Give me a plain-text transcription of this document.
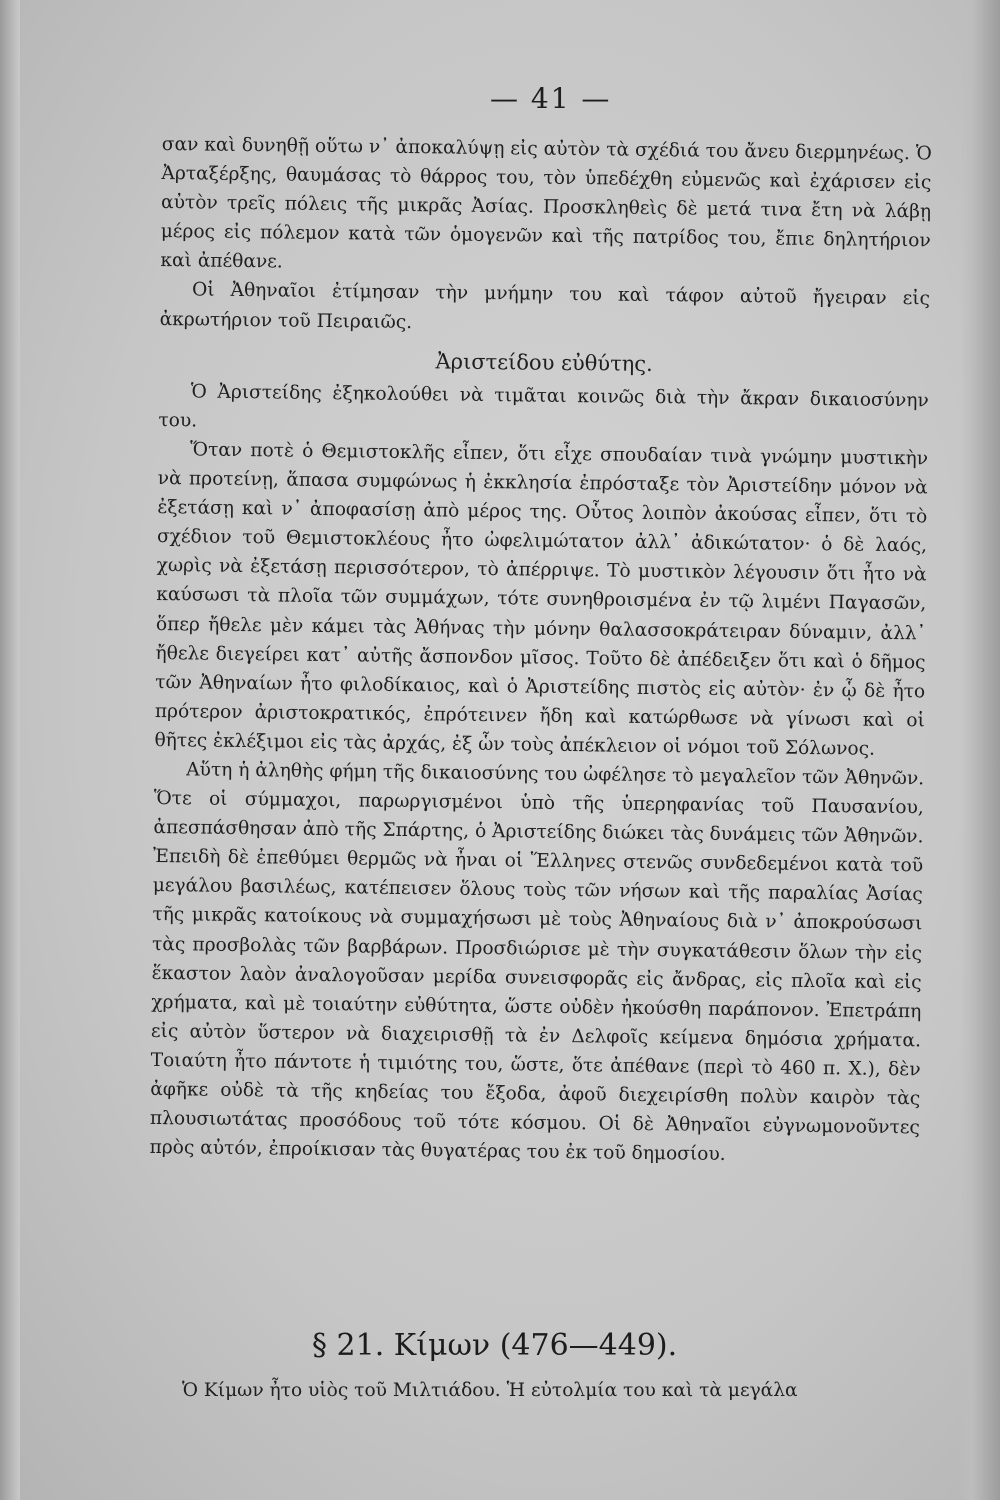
— 41 —

σαν καὶ δυνηθῇ οὕτω ν᾿ ἀποκαλύψῃ εἰς αὐτὸν τὰ σχέδιά του ἄνευ διερμηνέως. Ὁ Ἀρταξέρξης, θαυμάσας τὸ θάρρος του, τὸν ὑπεδέχθη εὐμενῶς καὶ ἐχάρισεν εἰς αὐτὸν τρεῖς πόλεις τῆς μικρᾶς Ἀσίας. Προσκληθεὶς δὲ μετά τινα ἔτη νὰ λάβῃ μέρος εἰς πόλεμον κατὰ τῶν ὁμογενῶν καὶ τῆς πατρίδος του, ἔπιε δηλητήριον καὶ ἀπέθανε.

Οἱ Ἀθηναῖοι ἐτίμησαν τὴν μνήμην του καὶ τάφον αὐτοῦ ἤγειραν εἰς ἀκρωτήριον τοῦ Πειραιῶς.

Ἀριστείδου εὐθύτης.

Ὁ Ἀριστείδης ἐξηκολούθει νὰ τιμᾶται κοινῶς διὰ τὴν ἄκραν δικαιοσύνην του.

Ὅταν ποτὲ ὁ Θεμιστοκλῆς εἶπεν, ὅτι εἶχε σπουδαίαν τινὰ γνώμην μυστικὴν νὰ προτείνῃ, ἅπασα συμφώνως ἡ ἐκκλησία ἐπρόσταξε τὸν Ἀριστείδην μόνον νὰ ἐξετάσῃ καὶ ν᾿ ἀποφασίσῃ ἀπὸ μέρος της. Οὗτος λοιπὸν ἀκούσας εἶπεν, ὅτι τὸ σχέδιον τοῦ Θεμιστοκλέους ἦτο ὠφελιμώτατον ἀλλ᾿ ἀδικώτατον· ὁ δὲ λαός, χωρὶς νὰ ἐξετάσῃ περισσότερον, τὸ ἀπέρριψε. Τὸ μυστικὸν λέγουσιν ὅτι ἦτο νὰ καύσωσι τὰ πλοῖα τῶν συμμάχων, τότε συνηθροισμένα ἐν τῷ λιμένι Παγασῶν, ὅπερ ἤθελε μὲν κάμει τὰς Ἀθήνας τὴν μόνην θαλασσοκράτειραν δύναμιν, ἀλλ᾿ ἤθελε διεγείρει κατ᾿ αὐτῆς ἄσπονδον μῖσος. Τοῦτο δὲ ἀπέδειξεν ὅτι καὶ ὁ δῆμος τῶν Ἀθηναίων ἦτο φιλοδίκαιος, καὶ ὁ Ἀριστείδης πιστὸς εἰς αὐτὸν· ἐν ᾧ δὲ ἦτο πρότερον ἀριστοκρατικός, ἐπρότεινεν ἤδη καὶ κατώρθωσε νὰ γίνωσι καὶ οἱ θῆτες ἐκλέξιμοι εἰς τὰς ἀρχάς, ἐξ ὧν τοὺς ἀπέκλειον οἱ νόμοι τοῦ Σόλωνος.

Αὕτη ἡ ἀληθὴς φήμη τῆς δικαιοσύνης του ὠφέλησε τὸ μεγαλεῖον τῶν Ἀθηνῶν. Ὅτε οἱ σύμμαχοι, παρωργισμένοι ὑπὸ τῆς ὑπερηφανίας τοῦ Παυσανίου, ἀπεσπάσθησαν ἀπὸ τῆς Σπάρτης, ὁ Ἀριστείδης διώκει τὰς δυνάμεις τῶν Ἀθηνῶν. Ἐπειδὴ δὲ ἐπεθύμει θερμῶς νὰ ἦναι οἱ Ἕλληνες στενῶς συνδεδεμένοι κατὰ τοῦ μεγάλου βασιλέως, κατέπεισεν ὅλους τοὺς τῶν νήσων καὶ τῆς παραλίας Ἀσίας τῆς μικρᾶς κατοίκους νὰ συμμαχήσωσι μὲ τοὺς Ἀθηναίους διὰ ν᾿ ἀποκρούσωσι τὰς προσβολὰς τῶν βαρβάρων. Προσδιώρισε μὲ τὴν συγκατάθεσιν ὅλων τὴν εἰς ἕκαστον λαὸν ἀναλογοῦσαν μερίδα συνεισφορᾶς εἰς ἄνδρας, εἰς πλοῖα καὶ εἰς χρήματα, καὶ μὲ τοιαύτην εὐθύτητα, ὥστε οὐδὲν ἠκούσθη παράπονον. Ἐπετράπη εἰς αὐτὸν ὕστερον νὰ διαχειρισθῇ τὰ ἐν Δελφοῖς κείμενα δημόσια χρήματα. Τοιαύτη ἦτο πάντοτε ἡ τιμιότης του, ὥστε, ὅτε ἀπέθανε (περὶ τὸ 460 π. Χ.), δὲν ἀφῆκε οὐδὲ τὰ τῆς κηδείας του ἔξοδα, ἀφοῦ διεχειρίσθη πολὺν καιρὸν τὰς πλουσιωτάτας προσόδους τοῦ τότε κόσμου. Οἱ δὲ Ἀθηναῖοι εὐγνωμονοῦντες πρὸς αὐτόν, ἐπροίκισαν τὰς θυγατέρας του ἐκ τοῦ δημοσίου.

§ 21. Κίμων (476—449).
Ὁ Κίμων ἦτο υἱὸς τοῦ Μιλτιάδου. Ἡ εὐτολμία του καὶ τὰ μεγάλα
